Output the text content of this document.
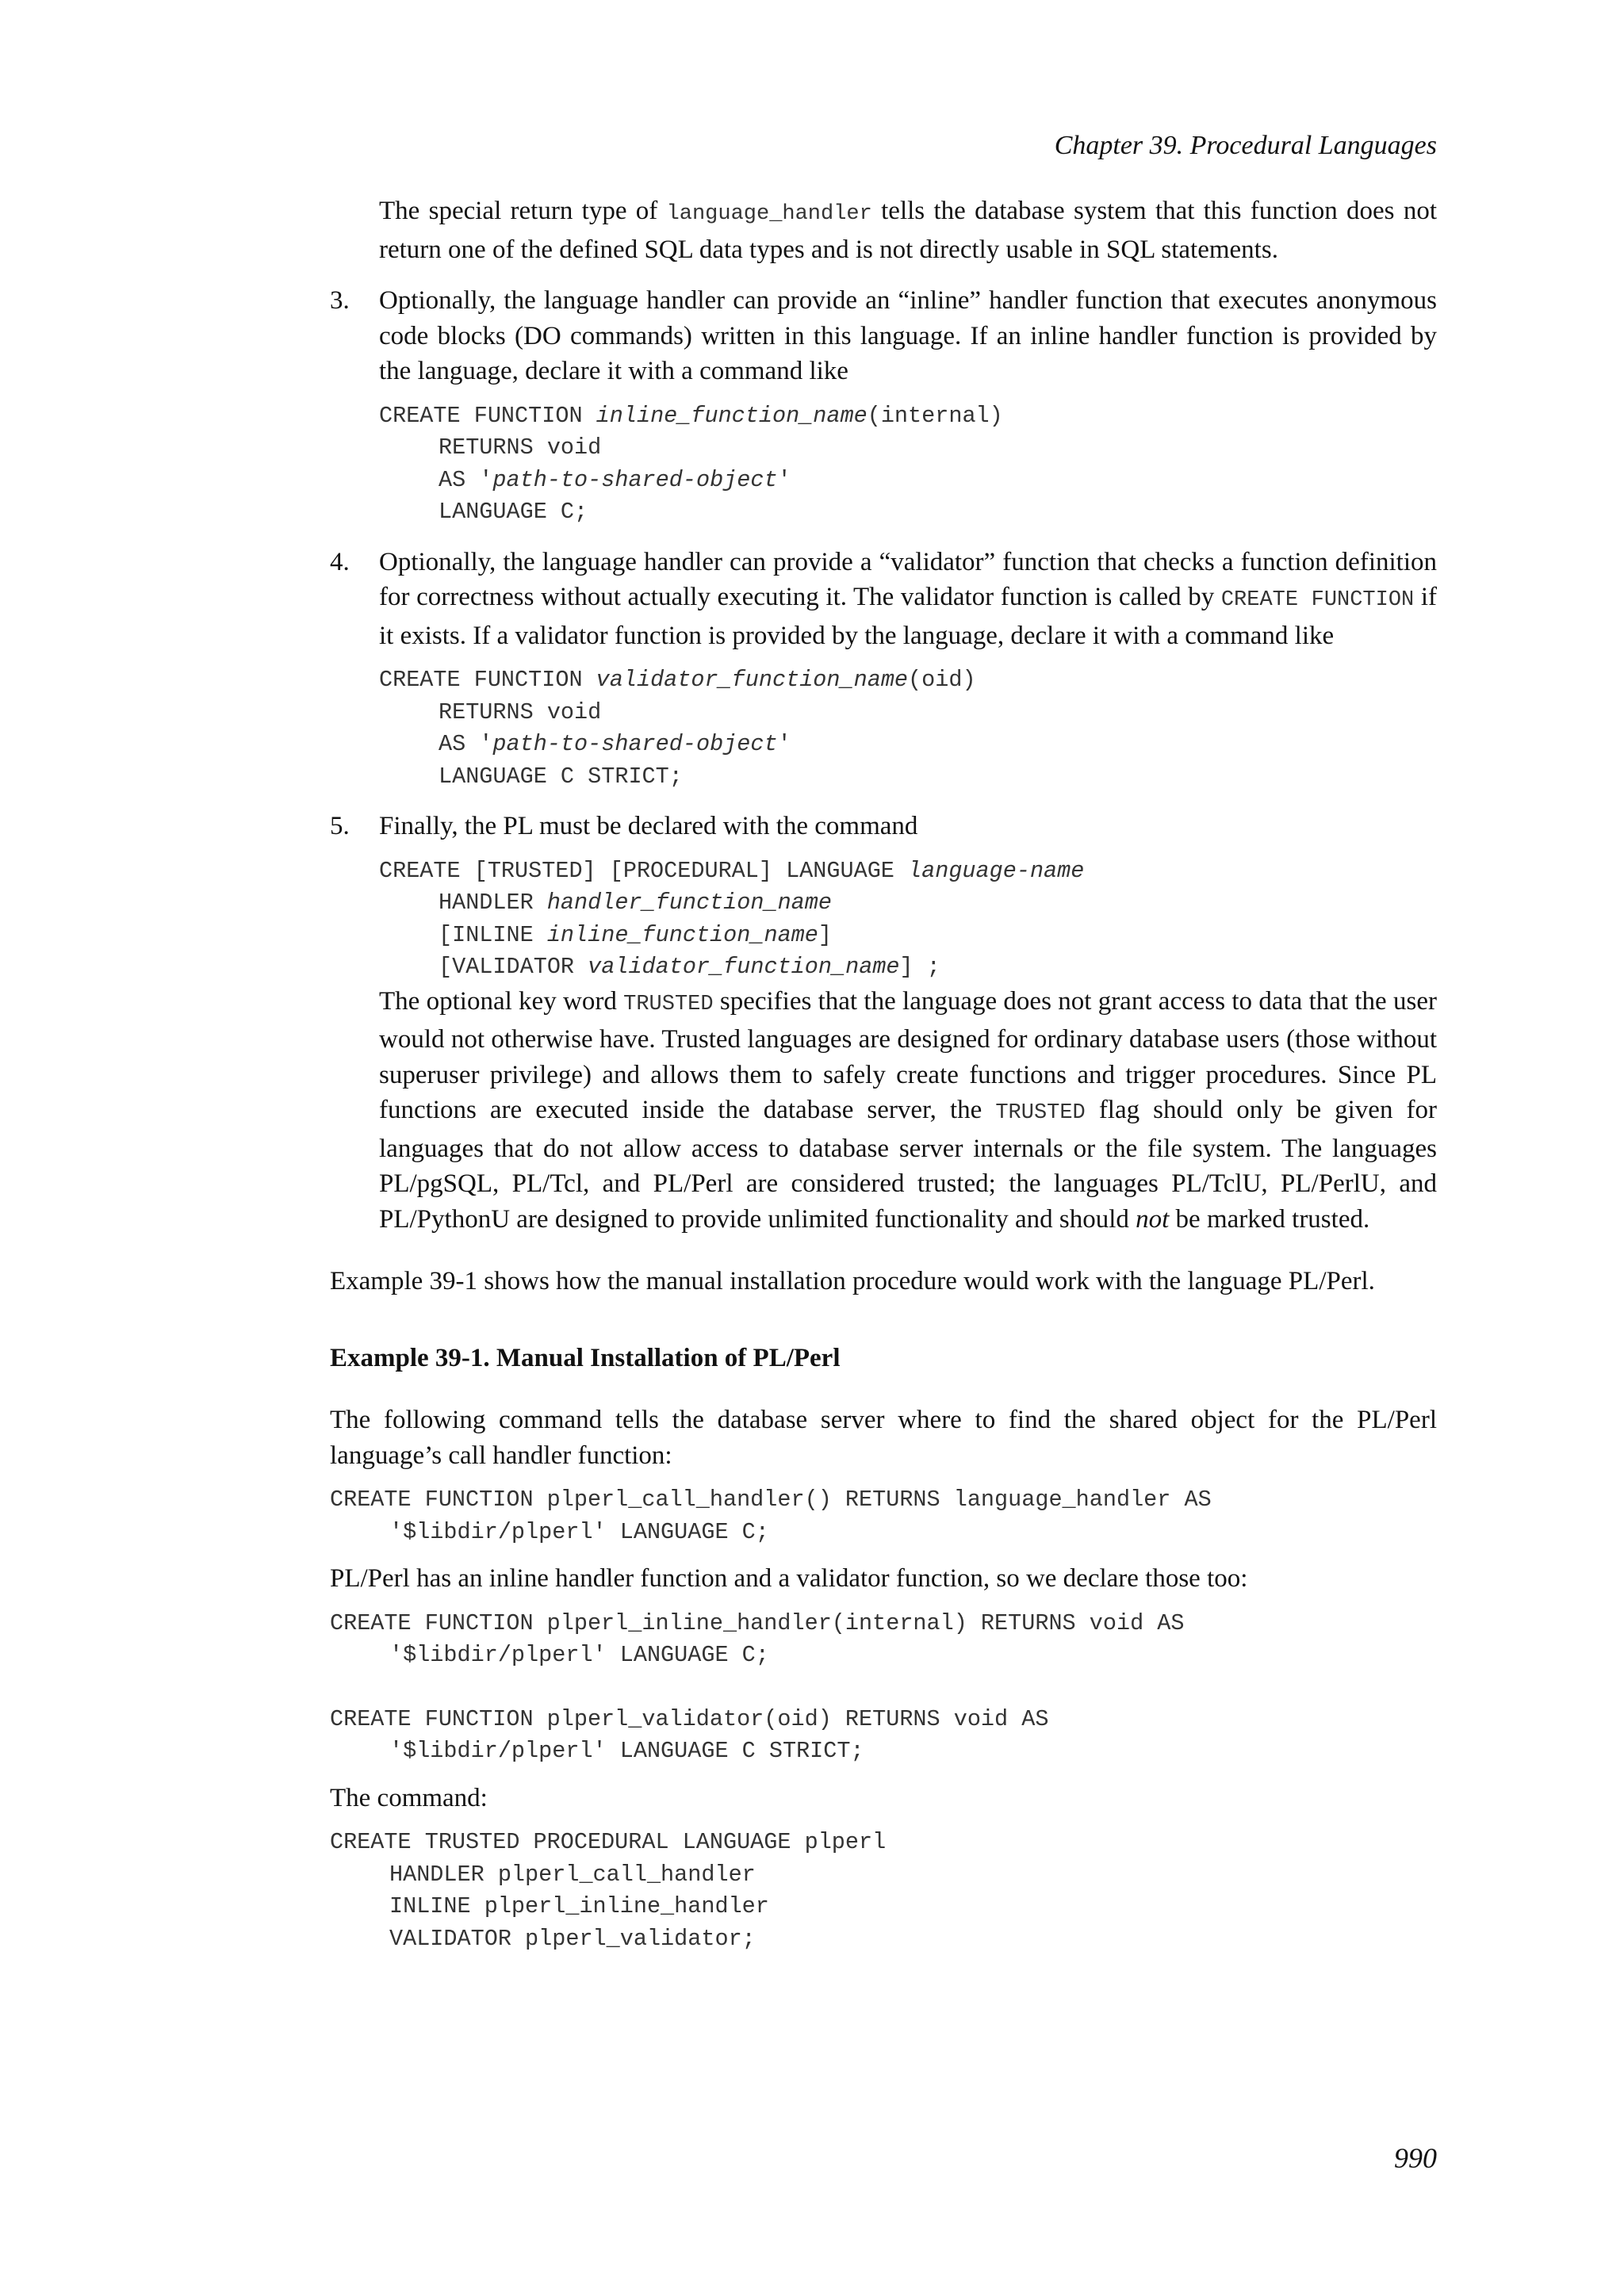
Chapter 39. Procedural Languages

The special return type of language_handler tells the database system that this function does not return one of the defined SQL data types and is not directly usable in SQL statements.

3. Optionally, the language handler can provide an “inline” handler function that executes anonymous code blocks (DO commands) written in this language. If an inline handler function is provided by the language, declare it with a command like

CREATE FUNCTION inline_function_name(internal)
RETURNS void
AS 'path-to-shared-object'
LANGUAGE C;
4. Optionally, the language handler can provide a “validator” function that checks a function definition for correctness without actually executing it. The validator function is called by CREATE FUNCTION if it exists. If a validator function is provided by the language, declare it with a command like

CREATE FUNCTION validator_function_name(oid)
RETURNS void
AS 'path-to-shared-object'
LANGUAGE C STRICT;
5. Finally, the PL must be declared with the command

CREATE [TRUSTED] [PROCEDURAL] LANGUAGE language-name
HANDLER handler_function_name
[INLINE inline_function_name]
[VALIDATOR validator_function_name] ;

The optional key word TRUSTED specifies that the language does not grant access to data that the user would not otherwise have. Trusted languages are designed for ordinary database users (those without superuser privilege) and allows them to safely create functions and trigger procedures. Since PL functions are executed inside the database server, the TRUSTED flag should only be given for languages that do not allow access to database server internals or the file system. The languages PL/pgSQL, PL/Tcl, and PL/Perl are considered trusted; the languages PL/TclU, PL/PerlU, and PL/PythonU are designed to provide unlimited functionality and should not be marked trusted.

Example 39-1 shows how the manual installation procedure would work with the language PL/Perl.

Example 39-1. Manual Installation of PL/Perl

The following command tells the database server where to find the shared object for the PL/Perl language’s call handler function:

CREATE FUNCTION plperl_call_handler() RETURNS language_handler AS
'$libdir/plperl' LANGUAGE C;

PL/Perl has an inline handler function and a validator function, so we declare those too:

CREATE FUNCTION plperl_inline_handler(internal) RETURNS void AS
'$libdir/plperl' LANGUAGE C;
CREATE FUNCTION plperl_validator(oid) RETURNS void AS
'$libdir/plperl' LANGUAGE C STRICT;

The command:

CREATE TRUSTED PROCEDURAL LANGUAGE plperl
HANDLER plperl_call_handler
INLINE plperl_inline_handler
VALIDATOR plperl_validator;
990
